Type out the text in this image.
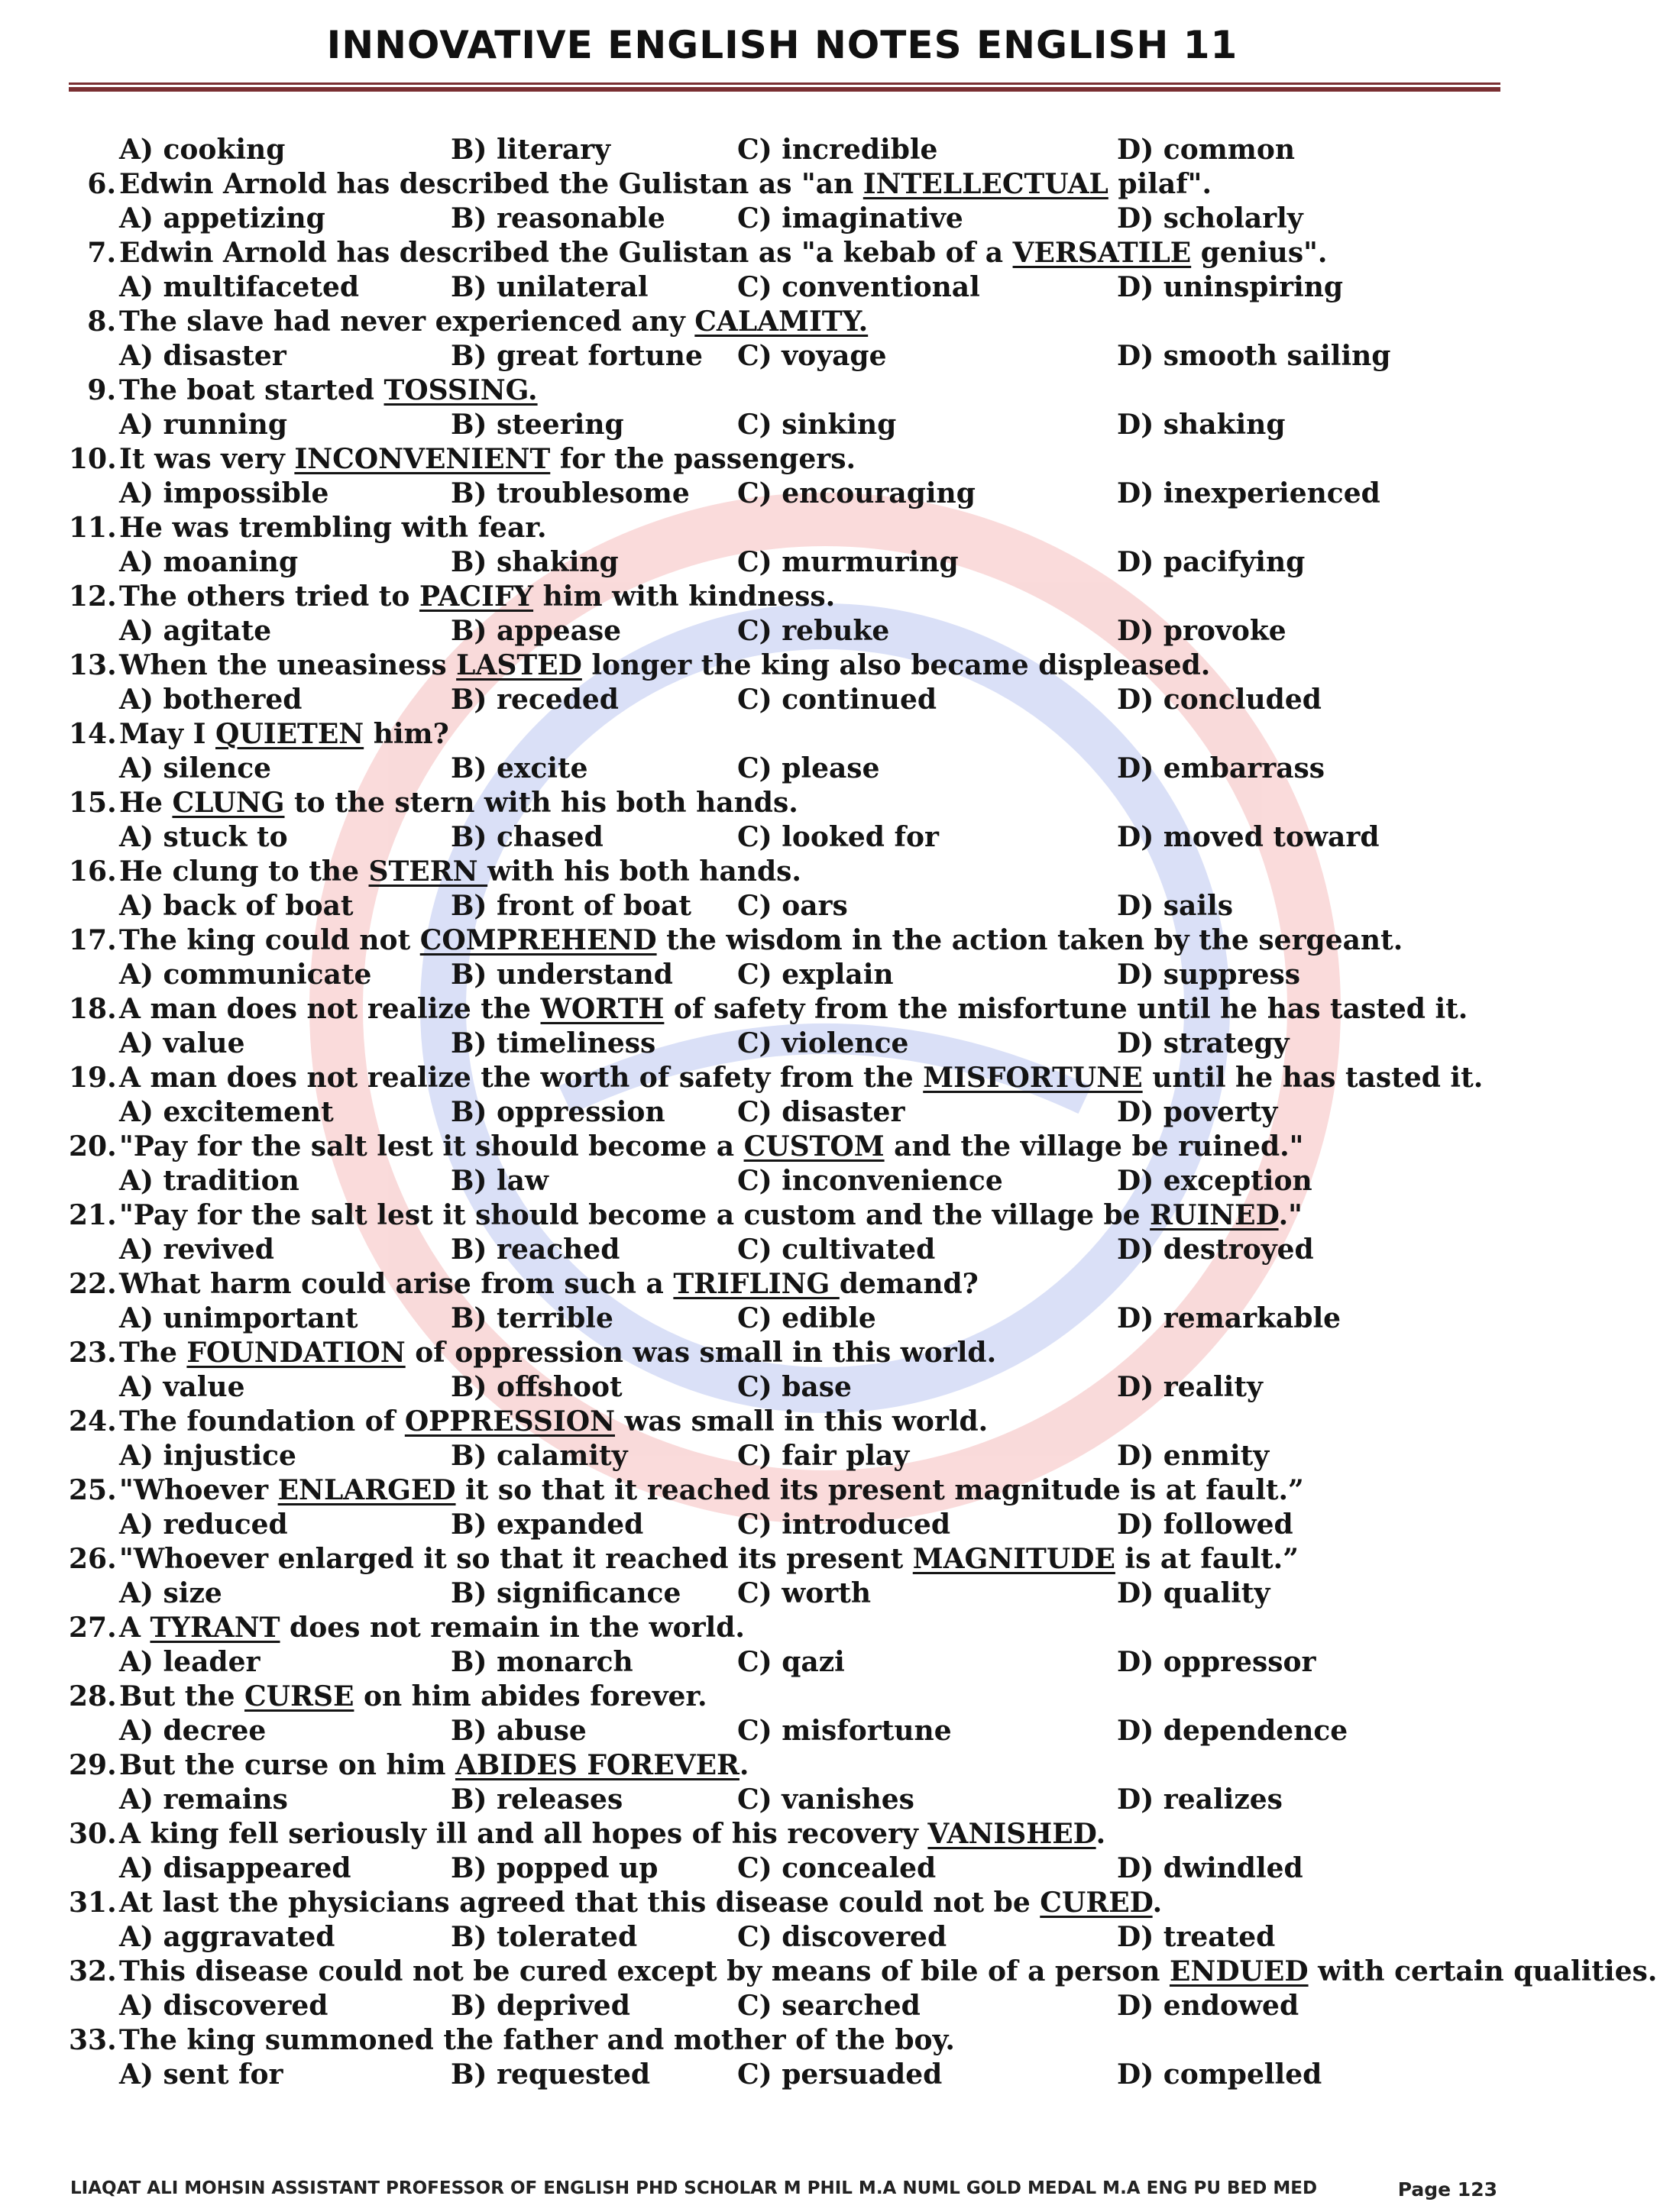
INNOVATIVE ENGLISH NOTES ENGLISH 11
A) cooking	B) literary	C) incredible	D) common
6. Edwin Arnold has described the Gulistan as "an INTELLECTUAL pilaf".
A) appetizing	B) reasonable	C) imaginative	D) scholarly
7. Edwin Arnold has described the Gulistan as "a kebab of a VERSATILE genius".
A) multifaceted	B) unilateral	C) conventional	D) uninspiring
8. The slave had never experienced any CALAMITY.
A) disaster	B) great fortune C) voyage	D) smooth sailing
9. The boat started TOSSING.
A) running	B) steering	C) sinking	D) shaking
10. It was very INCONVENIENT for the passengers.
A) impossible	B) troublesome C) encouraging	D) inexperienced
11. He was trembling with fear.
A) moaning	B) shaking	C) murmuring	D) pacifying
12. The others tried to PACIFY him with kindness.
A) agitate	B) appease	C) rebuke	D) provoke
13. When the uneasiness LASTED longer the king also became displeased.
A) bothered	B) receded	C) continued	D) concluded
14. May I QUIETEN him?
A) silence	B) excite	C) please	D) embarrass
15. He CLUNG to the stern with his both hands.
A) stuck to	B) chased	C) looked for	D) moved toward
16. He clung to the STERN with his both hands.
A) back of boat	B) front of boat C) oars	D) sails
17. The king could not COMPREHEND the wisdom in the action taken by the sergeant.
A) communicate	B) understand C) explain	D) suppress
18. A man does not realize the WORTH of safety from the misfortune until he has tasted it.
A) value	B) timeliness	C) violence	D) strategy
19. A man does not realize the worth of safety from the MISFORTUNE until he has tasted it.
A) excitement	B) oppression	C) disaster	D) poverty
20. "Pay for the salt lest it should become a CUSTOM and the village be ruined."
A) tradition	B) law	C) inconvenience	D) exception
21. "Pay for the salt lest it should become a custom and the village be RUINED."
A) revived	B) reached	C) cultivated	D) destroyed
22. What harm could arise from such a TRIFLING demand?
A) unimportant	B) terrible	C) edible	D) remarkable
23. The FOUNDATION of oppression was small in this world.
A) value	B) offshoot	C) base	D) reality
24. The foundation of OPPRESSION was small in this world.
A) injustice	B) calamity	C) fair play	D) enmity
25. "Whoever ENLARGED it so that it reached its present magnitude is at fault.”
A) reduced	B) expanded	C) introduced	D) followed
26. "Whoever enlarged it so that it reached its present MAGNITUDE is at fault.”
A) size	B) significance C) worth	D) quality
27. A TYRANT does not remain in the world.
A) leader	B) monarch	C) qazi	D) oppressor
28. But the CURSE on him abides forever.
A) decree	B) abuse	C) misfortune	D) dependence
29. But the curse on him ABIDES FOREVER.
A) remains	B) releases	C) vanishes	D) realizes
30. A king fell seriously ill and all hopes of his recovery VANISHED.
A) disappeared	B) popped up	C) concealed	D) dwindled
31. At last the physicians agreed that this disease could not be CURED.
A) aggravated	B) tolerated	C) discovered	D) treated
32. This disease could not be cured except by means of bile of a person ENDUED with certain qualities.
A) discovered	B) deprived	C) searched	D) endowed
33. The king summoned the father and mother of the boy.
A) sent for	B) requested	C) persuaded	D) compelled
LIAQAT ALI MOHSIN ASSISTANT PROFESSOR OF ENGLISH PHD SCHOLAR M PHIL M.A NUML GOLD MEDAL M.A ENG PU BED MED	Page 123
